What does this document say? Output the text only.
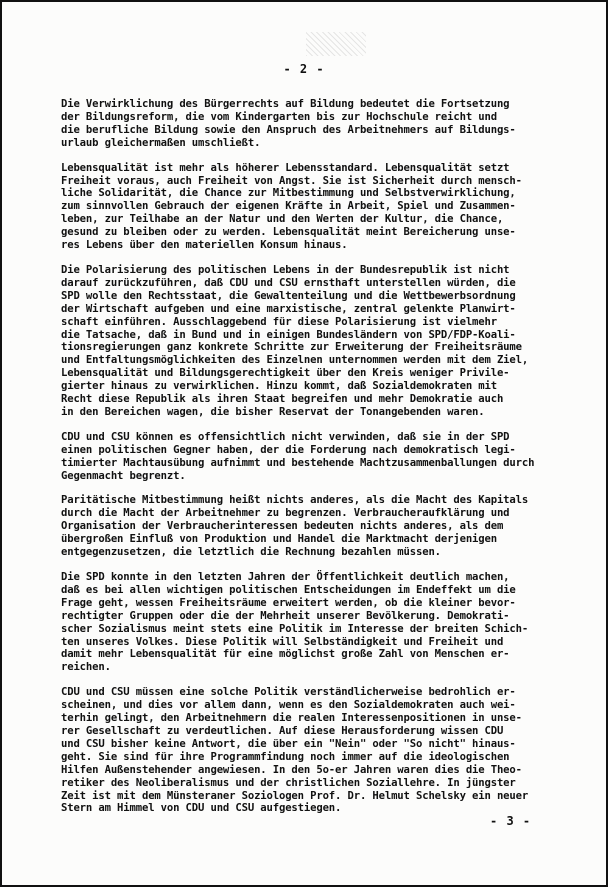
- 2 -
Die Verwirklichung des Bürgerrechts auf Bildung bedeutet die Fortsetzung
der Bildungsreform, die vom Kindergarten bis zur Hochschule reicht und
die berufliche Bildung sowie den Anspruch des Arbeitnehmers auf Bildungs-
urlaub gleichermaßen umschließt.
Lebensqualität ist mehr als höherer Lebensstandard. Lebensqualität setzt
Freiheit voraus, auch Freiheit von Angst. Sie ist Sicherheit durch mensch-
liche Solidarität, die Chance zur Mitbestimmung und Selbstverwirklichung,
zum sinnvollen Gebrauch der eigenen Kräfte in Arbeit, Spiel und Zusammen-
leben, zur Teilhabe an der Natur und den Werten der Kultur, die Chance,
gesund zu bleiben oder zu werden. Lebensqualität meint Bereicherung unse-
res Lebens über den materiellen Konsum hinaus.
Die Polarisierung des politischen Lebens in der Bundesrepublik ist nicht
darauf zurückzuführen, daß CDU und CSU ernsthaft unterstellen würden, die
SPD wolle den Rechtsstaat, die Gewaltenteilung und die Wettbewerbsordnung
der Wirtschaft aufgeben und eine marxistische, zentral gelenkte Planwirt-
schaft einführen. Ausschlaggebend für diese Polarisierung ist vielmehr
die Tatsache, daß in Bund und in einigen Bundesländern von SPD/FDP-Koali-
tionsregierungen ganz konkrete Schritte zur Erweiterung der Freiheitsräume
und Entfaltungsmöglichkeiten des Einzelnen unternommen werden mit dem Ziel,
Lebensqualität und Bildungsgerechtigkeit über den Kreis weniger Privile-
gierter hinaus zu verwirklichen. Hinzu kommt, daß Sozialdemokraten mit
Recht diese Republik als ihren Staat begreifen und mehr Demokratie auch
in den Bereichen wagen, die bisher Reservat der Tonangebenden waren.
CDU und CSU können es offensichtlich nicht verwinden, daß sie in der SPD
einen politischen Gegner haben, der die Forderung nach demokratisch legi-
timierter Machtausübung aufnimmt und bestehende Machtzusammenballungen durch
Gegenmacht begrenzt.
Paritätische Mitbestimmung heißt nichts anderes, als die Macht des Kapitals
durch die Macht der Arbeitnehmer zu begrenzen. Verbraucheraufklärung und
Organisation der Verbraucherinteressen bedeuten nichts anderes, als dem
übergroßen Einfluß von Produktion und Handel die Marktmacht derjenigen
entgegenzusetzen, die letztlich die Rechnung bezahlen müssen.
Die SPD konnte in den letzten Jahren der Öffentlichkeit deutlich machen,
daß es bei allen wichtigen politischen Entscheidungen im Endeffekt um die
Frage geht, wessen Freiheitsräume erweitert werden, ob die kleiner bevor-
rechtigter Gruppen oder die der Mehrheit unserer Bevölkerung. Demokrati-
scher Sozialismus meint stets eine Politik im Interesse der breiten Schich-
ten unseres Volkes. Diese Politik will Selbständigkeit und Freiheit und
damit mehr Lebensqualität für eine möglichst große Zahl von Menschen er-
reichen.
CDU und CSU müssen eine solche Politik verständlicherweise bedrohlich er-
scheinen, und dies vor allem dann, wenn es den Sozialdemokraten auch wei-
terhin gelingt, den Arbeitnehmern die realen Interessenpositionen in unse-
rer Gesellschaft zu verdeutlichen. Auf diese Herausforderung wissen CDU
und CSU bisher keine Antwort, die über ein "Nein" oder "So nicht" hinaus-
geht. Sie sind für ihre Programmfindung noch immer auf die ideologischen
Hilfen Außenstehender angewiesen. In den 5o-er Jahren waren dies die Theo-
retiker des Neoliberalismus und der christlichen Soziallehre. In jüngster
Zeit ist mit dem Münsteraner Soziologen Prof. Dr. Helmut Schelsky ein neuer
Stern am Himmel von CDU und CSU aufgestiegen.
- 3 -
